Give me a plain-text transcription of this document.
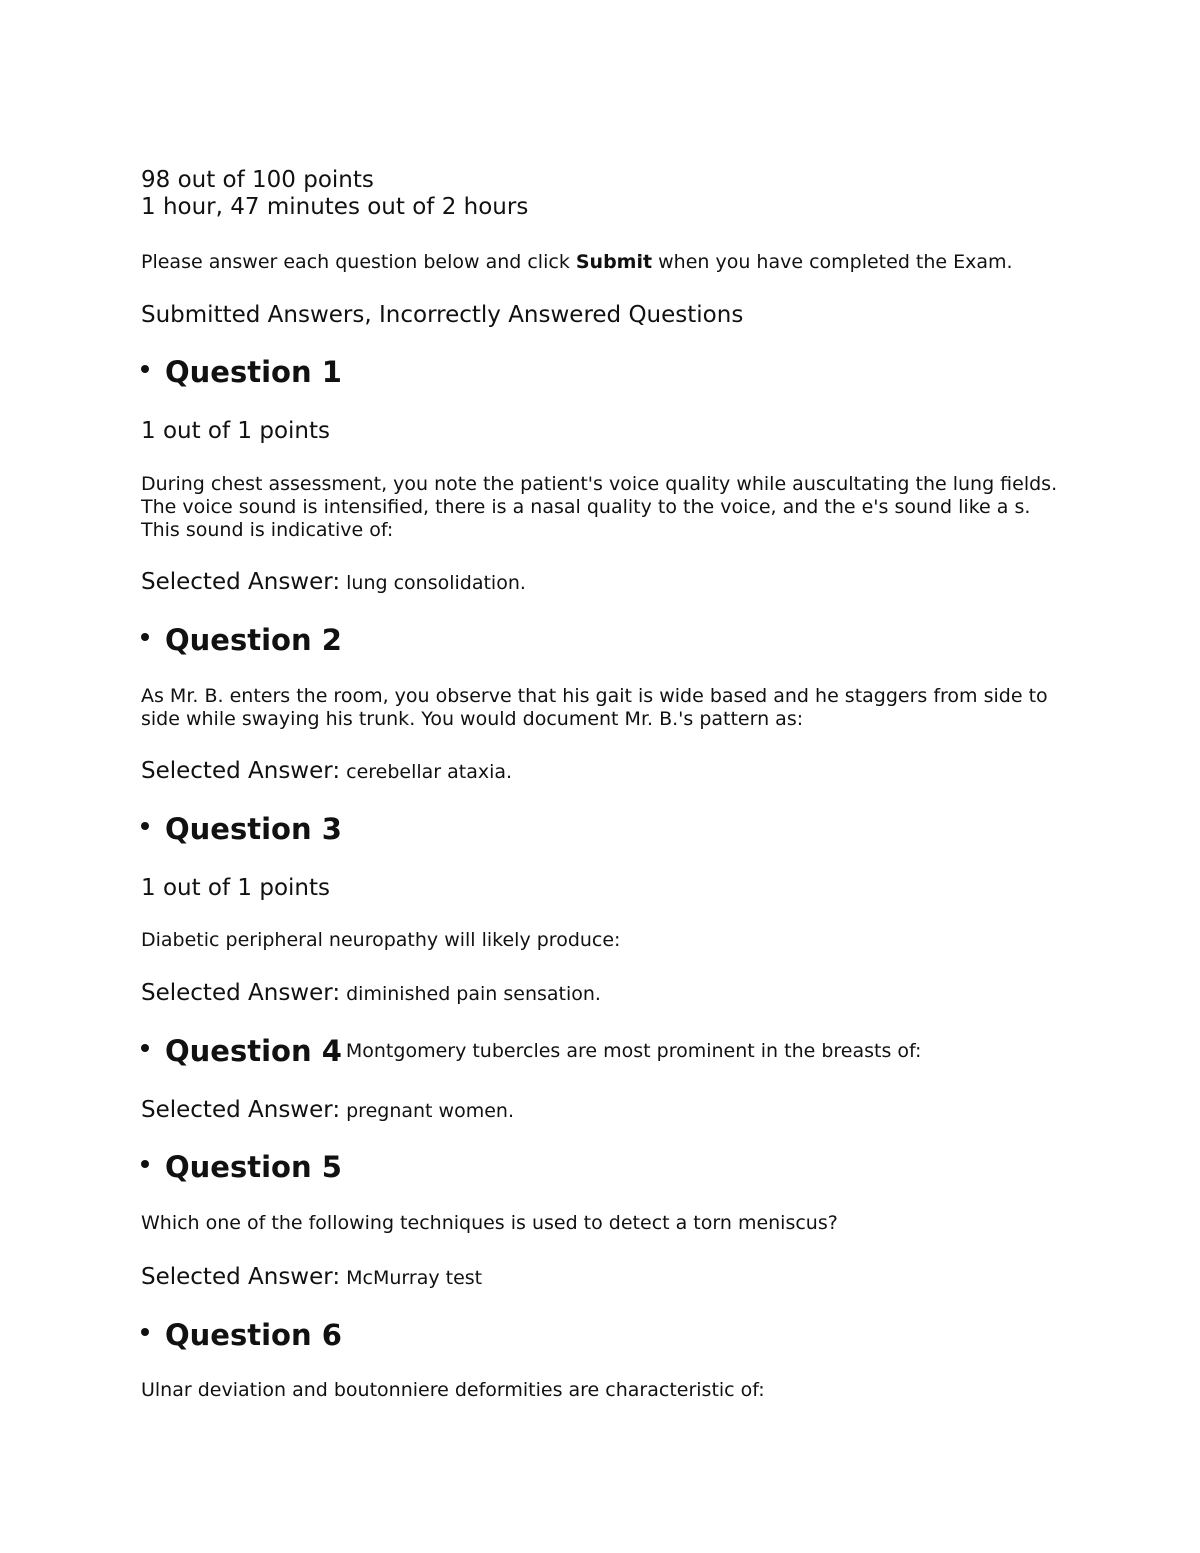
98 out of 100 points
1 hour, 47 minutes out of 2 hours
Please answer each question below and click Submit when you have completed the Exam.
Submitted Answers, Incorrectly Answered Questions
Question 1
1 out of 1 points
During chest assessment, you note the patient's voice quality while auscultating the lung fields. The voice sound is intensified, there is a nasal quality to the voice, and the e's sound like a s. This sound is indicative of:
Selected Answer: lung consolidation.
Question 2
As Mr. B. enters the room, you observe that his gait is wide based and he staggers from side to side while swaying his trunk. You would document Mr. B.'s pattern as:
Selected Answer: cerebellar ataxia.
Question 3
1 out of 1 points
Diabetic peripheral neuropathy will likely produce:
Selected Answer: diminished pain sensation.
Question 4 Montgomery tubercles are most prominent in the breasts of:
Selected Answer: pregnant women.
Question 5
Which one of the following techniques is used to detect a torn meniscus?
Selected Answer: McMurray test
Question 6
Ulnar deviation and boutonniere deformities are characteristic of:
